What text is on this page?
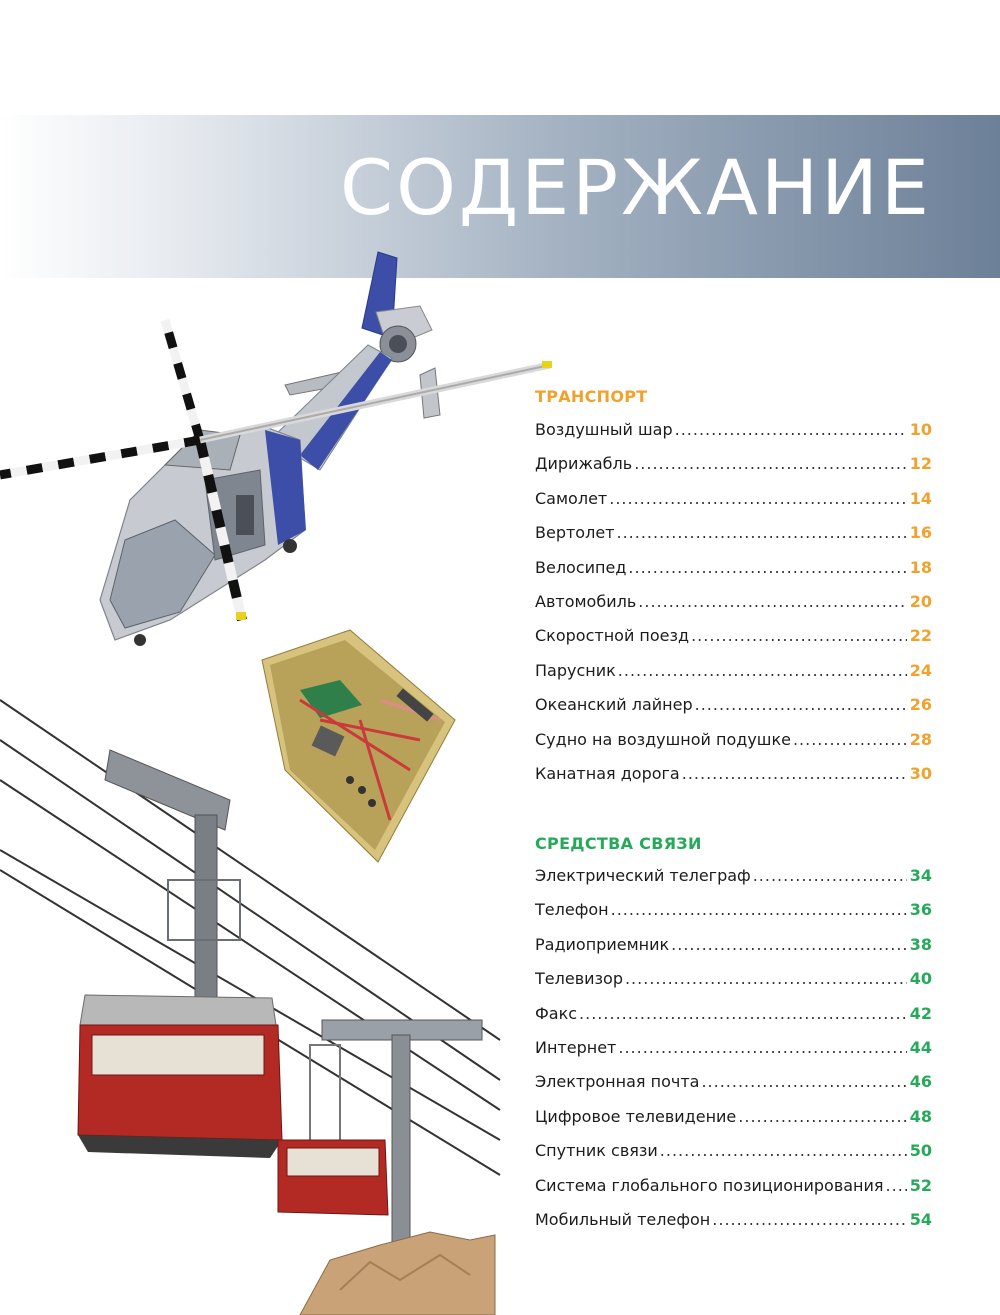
СОДЕРЖАНИЕ
ТРАНСПОРТ
Воздушный шар .....	10
Дирижабль .....	12
Самолет .....	14
Вертолет .....	16
Велосипед .....	18
Автомобиль .....	20
Скоростной поезд .....	22
Парусник .....	24
Океанский лайнер .....	26
Судно на воздушной подушке .....	28
Канатная дорога .....	30
СРЕДСТВА СВЯЗИ
Электрический телеграф .....	34
Телефон .....	36
Радиоприемник .....	38
Телевизор .....	40
Факс .....	42
Интернет .....	44
Электронная почта .....	46
Цифровое телевидение .....	48
Спутник связи .....	50
Система глобального позиционирования ..... 52
Мобильный телефон .....	54
